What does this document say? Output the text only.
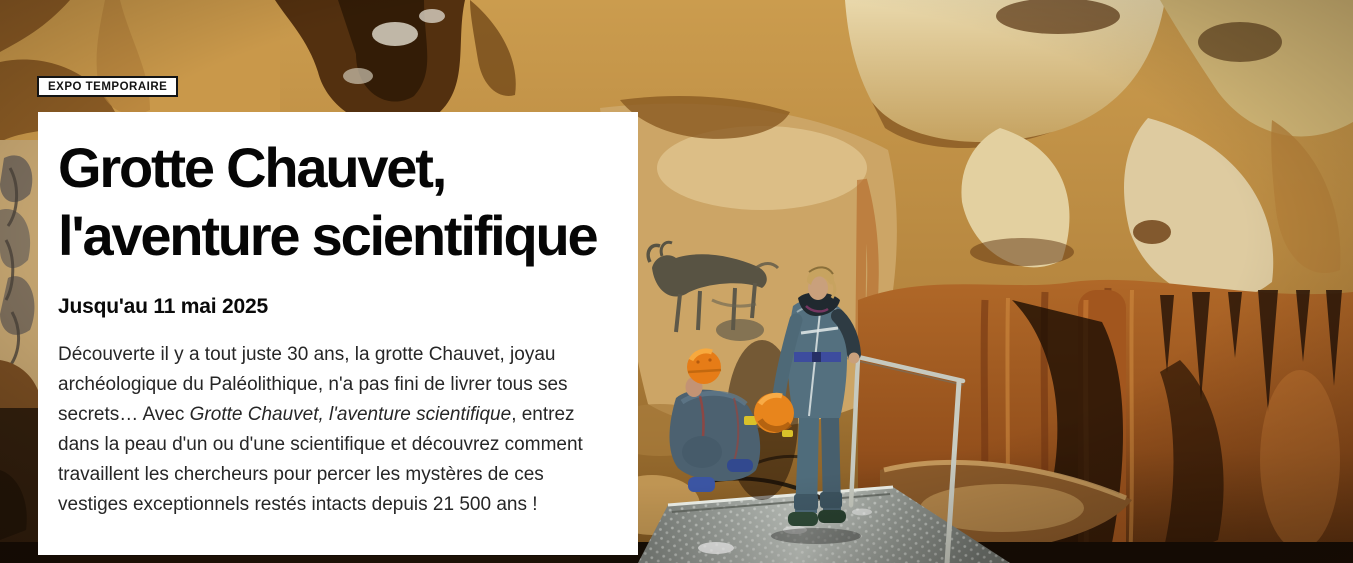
EXPO TEMPORAIRE
Grotte Chauvet,
l'aventure scientifique

Jusqu'au 11 mai 2025

Découverte il y a tout juste 30 ans, la grotte Chauvet, joyau archéologique du Paléolithique, n'a pas fini de livrer tous ses secrets… Avec Grotte Chauvet, l'aventure scientifique, entrez dans la peau d'un ou d'une scientifique et découvrez comment travaillent les chercheurs pour percer les mystères de ces vestiges exceptionnels restés intacts depuis 21 500 ans !
